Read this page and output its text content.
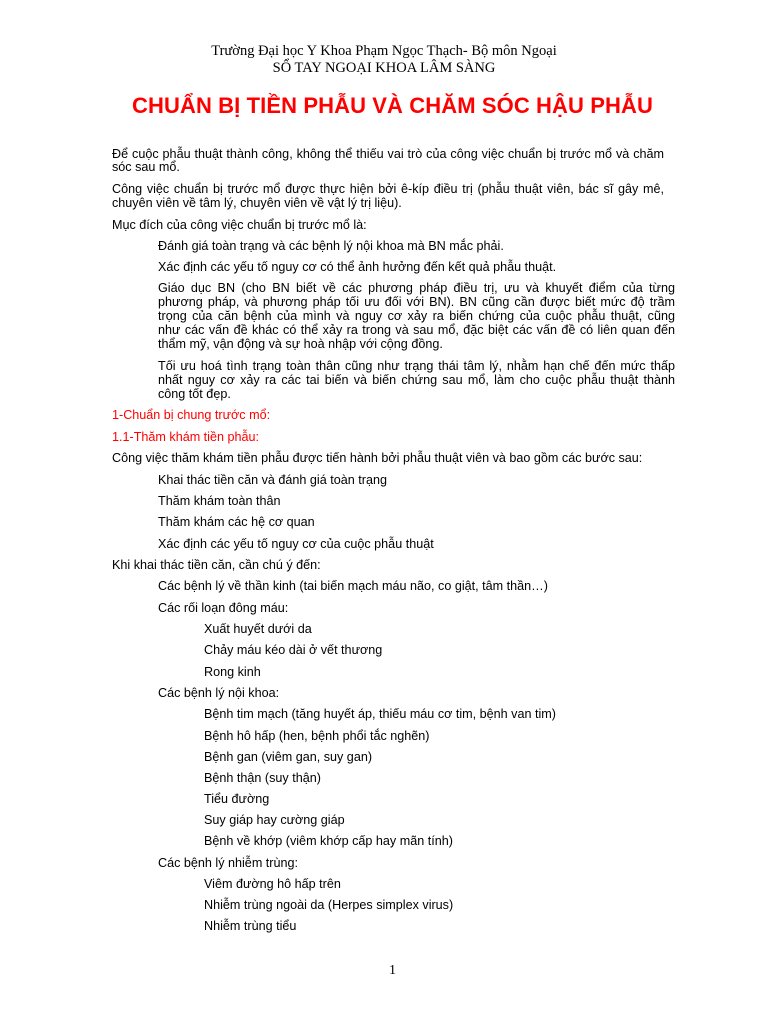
Trường Đại học Y Khoa Phạm Ngọc Thạch- Bộ môn Ngoại
SỔ TAY NGOẠI KHOA LÂM SÀNG
CHUẨN BỊ TIỀN PHẪU VÀ CHĂM SÓC HẬU PHẪU
Để cuộc phẫu thuật thành công, không thể thiếu vai trò của công việc chuẩn bị trước mổ và chăm
sóc sau mổ.
Công việc chuẩn bị trước mổ được thực hiện bởi ê-kíp điều trị (phẫu thuật viên, bác sĩ gây mê,
chuyên viên về tâm lý, chuyên viên về vật lý trị liệu).
Mục đích của công việc chuẩn bị trước mổ là:
Đánh giá toàn trạng và các bệnh lý nội khoa mà BN mắc phải.
Xác định các yếu tố nguy cơ có thể ảnh hưởng đến kết quả phẫu thuật.
Giáo dục BN (cho BN biết về các phương pháp điều trị, ưu và khuyết điểm của từng
phương pháp, và phương pháp tối ưu đối với BN). BN cũng cần được biết mức độ trầm
trọng của căn bệnh của mình và nguy cơ xảy ra biến chứng của cuộc phẫu thuật, cũng
như các vấn đề khác có thể xảy ra trong và sau mổ, đặc biệt các vấn đề có liên quan đến
thẩm mỹ, vận động và sự hoà nhập với cộng đồng.
Tối ưu hoá tình trạng toàn thân cũng như trạng thái tâm lý, nhằm hạn chế đến mức thấp
nhất nguy cơ xảy ra các tai biến và biến chứng sau mổ, làm cho cuộc phẫu thuật thành
công tốt đẹp.
1-Chuẩn bị chung trước mổ:
1.1-Thăm khám tiền phẫu:
Công việc thăm khám tiền phẫu được tiến hành bởi phẫu thuật viên và bao gồm các bước sau:
Khai thác tiền căn và đánh giá toàn trạng
Thăm khám toàn thân
Thăm khám các hệ cơ quan
Xác định các yếu tố nguy cơ của cuộc phẫu thuật
Khi khai thác tiền căn, cần chú ý đến:
Các bệnh lý về thần kinh (tai biến mạch máu não, co giật, tâm thần…)
Các rối loạn đông máu:
Xuất huyết dưới da
Chảy máu kéo dài ở vết thương
Rong kinh
Các bệnh lý nội khoa:
Bệnh tim mạch (tăng huyết áp, thiếu máu cơ tim, bệnh van tim)
Bệnh hô hấp (hen, bệnh phổi tắc nghẽn)
Bệnh gan (viêm gan, suy gan)
Bệnh thận (suy thận)
Tiểu đường
Suy giáp hay cường giáp
Bệnh về khớp (viêm khớp cấp hay mãn tính)
Các bệnh lý nhiễm trùng:
Viêm đường hô hấp trên
Nhiễm trùng ngoài da (Herpes simplex virus)
Nhiễm trùng tiểu
1
